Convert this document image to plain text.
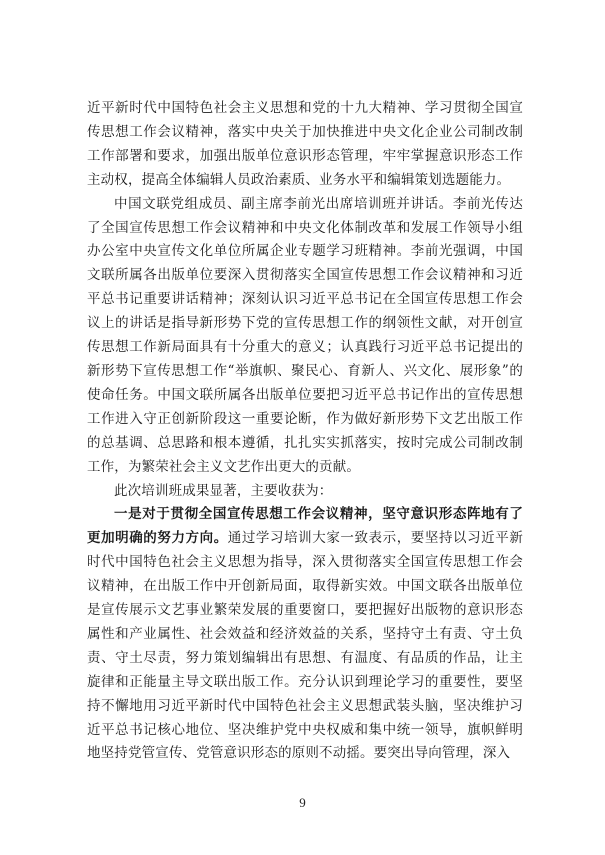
近平新时代中国特色社会主义思想和党的十九大精神、学习贯彻全国宣传思想工作会议精神，落实中央关于加快推进中央文化企业公司制改制工作部署和要求，加强出版单位意识形态管理，牢牢掌握意识形态工作主动权，提高全体编辑人员政治素质、业务水平和编辑策划选题能力。

中国文联党组成员、副主席李前光出席培训班并讲话。李前光传达了全国宣传思想工作会议精神和中央文化体制改革和发展工作领导小组办公室中央宣传文化单位所属企业专题学习班精神。李前光强调，中国文联所属各出版单位要深入贯彻落实全国宣传思想工作会议精神和习近平总书记重要讲话精神；深刻认识习近平总书记在全国宣传思想工作会议上的讲话是指导新形势下党的宣传思想工作的纲领性文献，对开创宣传思想工作新局面具有十分重大的意义；认真践行习近平总书记提出的新形势下宣传思想工作“举旗帜、聚民心、育新人、兴文化、展形象”的使命任务。中国文联所属各出版单位要把习近平总书记作出的宣传思想工作进入守正创新阶段这一重要论断，作为做好新形势下文艺出版工作的总基调、总思路和根本遵循，扎扎实实抓落实，按时完成公司制改制工作，为繁荣社会主义文艺作出更大的贡献。

此次培训班成果显著，主要收获为：

一是对于贯彻全国宣传思想工作会议精神，坚守意识形态阵地有了更加明确的努力方向。通过学习培训大家一致表示，要坚持以习近平新时代中国特色社会主义思想为指导，深入贯彻落实全国宣传思想工作会议精神，在出版工作中开创新局面，取得新实效。中国文联各出版单位是宣传展示文艺事业繁荣发展的重要窗口，要把握好出版物的意识形态属性和产业属性、社会效益和经济效益的关系，坚持守土有责、守土负责、守土尽责，努力策划编辑出有思想、有温度、有品质的作品，让主旋律和正能量主导文联出版工作。充分认识到理论学习的重要性，要坚持不懈地用习近平新时代中国特色社会主义思想武装头脑，坚决维护习近平总书记核心地位、坚决维护党中央权威和集中统一领导，旗帜鲜明地坚持党管宣传、党管意识形态的原则不动摇。要突出导向管理，深入

9
